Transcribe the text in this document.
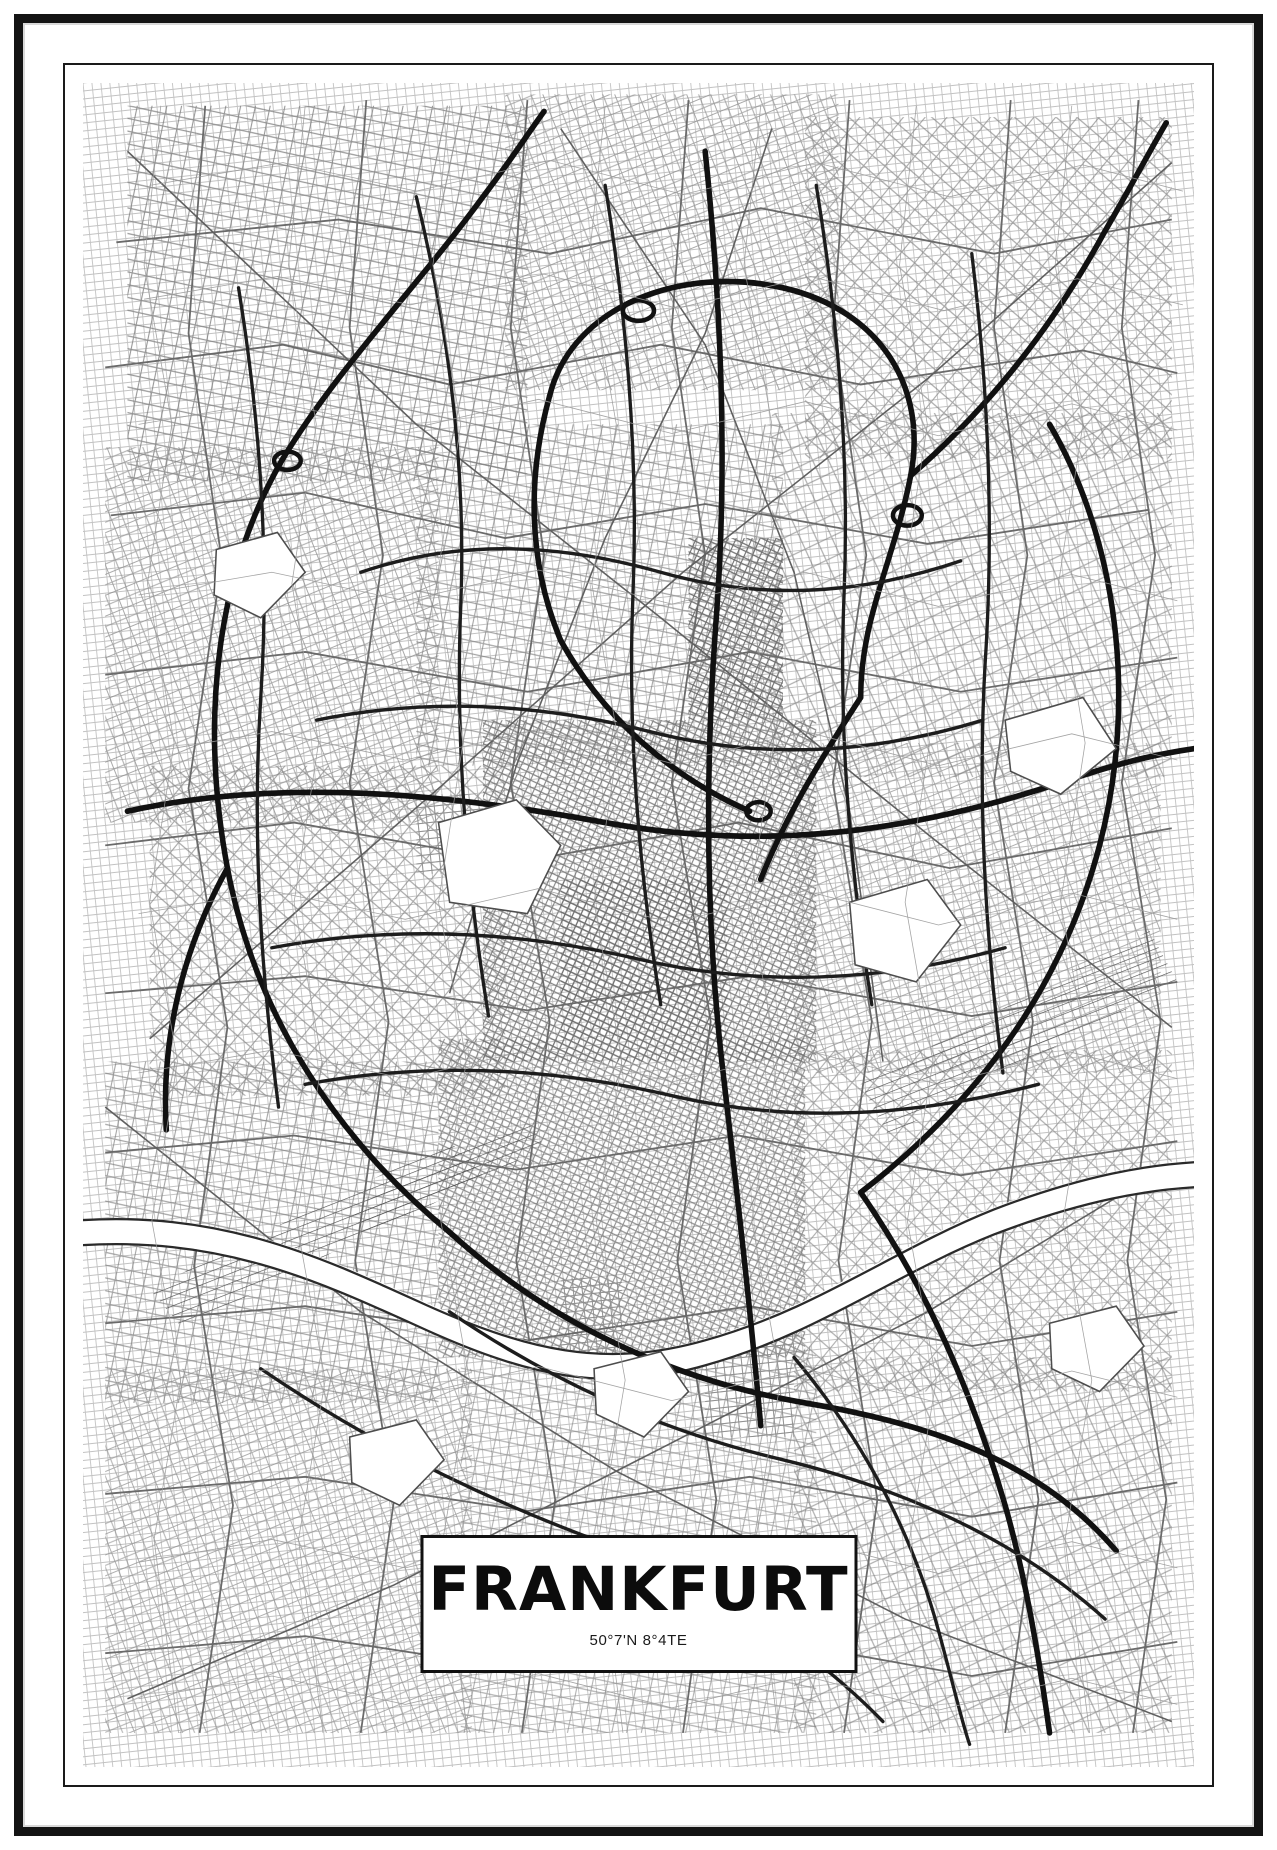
FRANKFURT
50°7'N 8°4TE
